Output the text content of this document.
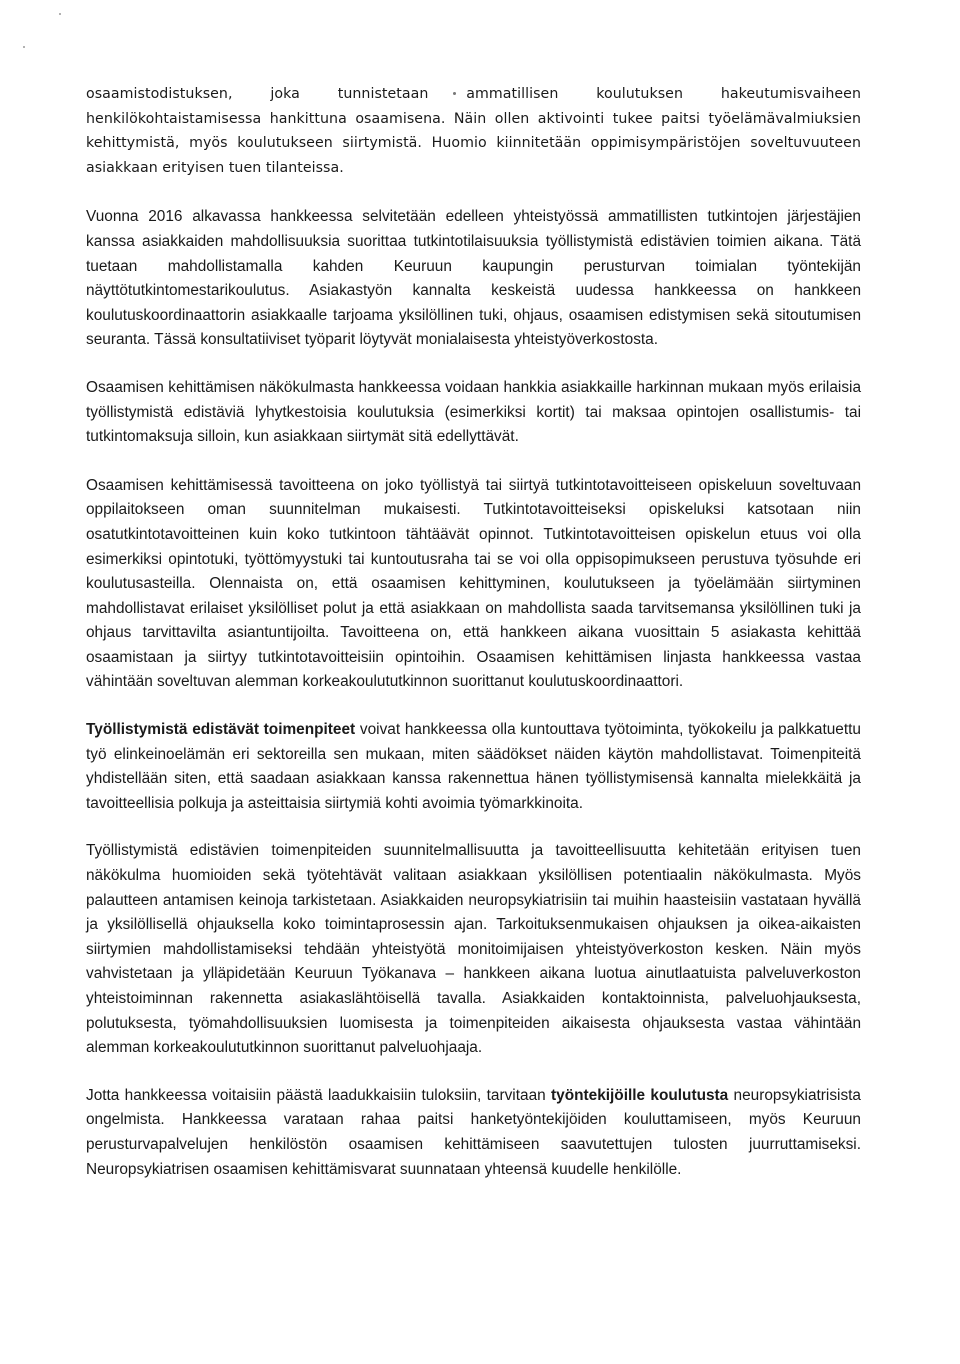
osaamistodistuksen, joka tunnistetaan ammatillisen koulutuksen hakeutumisvaiheen henkilökohtaistamisessa hankittuna osaamisena. Näin ollen aktivointi tukee paitsi työelämävalmiuksien kehittymistä, myös koulutukseen siirtymistä. Huomio kiinnitetään oppimisympäristöjen soveltuvuuteen asiakkaan erityisen tuen tilanteissa.

Vuonna 2016 alkavassa hankkeessa selvitetään edelleen yhteistyössä ammatillisten tutkintojen järjestäjien kanssa asiakkaiden mahdollisuuksia suorittaa tutkintotilaisuuksia työllistymistä edistävien toimien aikana. Tätä tuetaan mahdollistamalla kahden Keuruun kaupungin perusturvan toimialan työntekijän näyttötutkintomestarikoulutus. Asiakastyön kannalta keskeistä uudessa hankkeessa on hankkeen koulutuskoordinaattorin asiakkaalle tarjoama yksilöllinen tuki, ohjaus, osaamisen edistymisen sekä sitoutumisen seuranta. Tässä konsultatiiviset työparit löytyvät monialaisesta yhteistyöverkostosta.

Osaamisen kehittämisen näkökulmasta hankkeessa voidaan hankkia asiakkaille harkinnan mukaan myös erilaisia työllistymistä edistäviä lyhytkestoisia koulutuksia (esimerkiksi kortit) tai maksaa opintojen osallistumis- tai tutkintomaksuja silloin, kun asiakkaan siirtymät sitä edellyttävät.

Osaamisen kehittämisessä tavoitteena on joko työllistyä tai siirtyä tutkintotavoitteiseen opiskeluun soveltuvaan oppilaitokseen oman suunnitelman mukaisesti. Tutkintotavoitteiseksi opiskeluksi katsotaan niin osatutkintotavoitteinen kuin koko tutkintoon tähtäävät opinnot. Tutkintotavoitteisen opiskelun etuus voi olla esimerkiksi opintotuki, työttömyystuki tai kuntoutusraha tai se voi olla oppisopimukseen perustuva työsuhde eri koulutusasteilla. Olennaista on, että osaamisen kehittyminen, koulutukseen ja työelämään siirtyminen mahdollistavat erilaiset yksilölliset polut ja että asiakkaan on mahdollista saada tarvitsemansa yksilöllinen tuki ja ohjaus tarvittavilta asiantuntijoilta. Tavoitteena on, että hankkeen aikana vuosittain 5 asiakasta kehittää osaamistaan ja siirtyy tutkintotavoitteisiin opintoihin. Osaamisen kehittämisen linjasta hankkeessa vastaa vähintään soveltuvan alemman korkeakoulututkinnon suorittanut koulutuskoordinaattori.

Työllistymistä edistävät toimenpiteet voivat hankkeessa olla kuntouttava työtoiminta, työkokeilu ja palkkatuettu työ elinkeinoelämän eri sektoreilla sen mukaan, miten säädökset näiden käytön mahdollistavat. Toimenpiteitä yhdistellään siten, että saadaan asiakkaan kanssa rakennettua hänen työllistymisensä kannalta mielekkäitä ja tavoitteellisia polkuja ja asteittaisia siirtymiä kohti avoimia työmarkkinoita.

Työllistymistä edistävien toimenpiteiden suunnitelmallisuutta ja tavoitteellisuutta kehitetään erityisen tuen näkökulma huomioiden sekä työtehtävät valitaan asiakkaan yksilöllisen potentiaalin näkökulmasta. Myös palautteen antamisen keinoja tarkistetaan. Asiakkaiden neuropsykiatrisiin tai muihin haasteisiin vastataan hyvällä ja yksilöllisellä ohjauksella koko toimintaprosessin ajan. Tarkoituksenmukaisen ohjauksen ja oikea-aikaisten siirtymien mahdollistamiseksi tehdään yhteistyötä monitoimijaisen yhteistyöverkoston kesken. Näin myös vahvistetaan ja ylläpidetään Keuruun Työkanava – hankkeen aikana luotua ainutlaatuista palveluverkoston yhteistoiminnan rakennetta asiakaslähtöisellä tavalla. Asiakkaiden kontaktoinnista, palveluohjauksesta, polutuksesta, työmahdollisuuksien luomisesta ja toimenpiteiden aikaisesta ohjauksesta vastaa vähintään alemman korkeakoulututkinnon suorittanut palveluohjaaja.

Jotta hankkeessa voitaisiin päästä laadukkaisiin tuloksiin, tarvitaan työntekijöille koulutusta neuropsykiatrisista ongelmista. Hankkeessa varataan rahaa paitsi hanketyöntekijöiden kouluttamiseen, myös Keuruun perusturvapalvelujen henkilöstön osaamisen kehittämiseen saavutettujen tulosten juurruttamiseksi. Neuropsykiatrisen osaamisen kehittämisvarat suunnataan yhteensä kuudelle henkilölle.
